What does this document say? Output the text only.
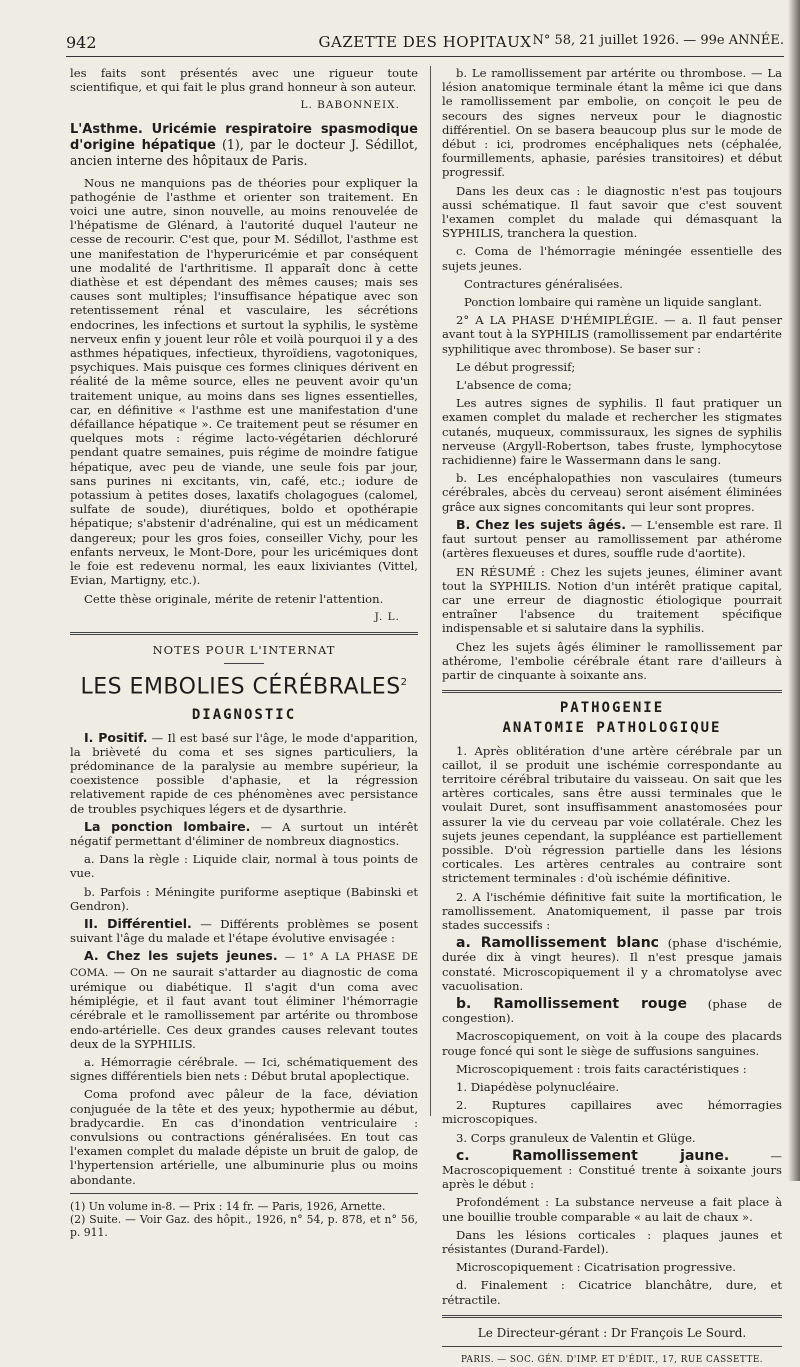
942	GAZETTE DES HOPITAUX N° 58, 21 juillet 1926. — 99e ANNÉE.

les faits sont présentés avec une rigueur toute scientifique, et qui fait le plus grand honneur à son auteur.

L. BABONNEIX.
L'Asthme. Uricémie respiratoire spasmodique d'origine hépatique (1), par le docteur J. Sédillot, ancien interne des hôpitaux de Paris.

Nous ne manquions pas de théories pour expliquer la pathogénie de l'asthme et orienter son traitement. En voici une autre, sinon nouvelle, au moins renouvelée de l'hépatisme de Glénard, à l'autorité duquel l'auteur ne cesse de recourir. C'est que, pour M. Sédillot, l'asthme est une manifestation de l'hyperuricémie et par conséquent une modalité de l'arthritisme. Il apparaît donc à cette diathèse et est dépendant des mêmes causes; mais ses causes sont multiples; l'insuffisance hépatique avec son retentissement rénal et vasculaire, les sécrétions endocrines, les infections et surtout la syphilis, le système nerveux enfin y jouent leur rôle et voilà pourquoi il y a des asthmes hépatiques, infectieux, thyroïdiens, vagotoniques, psychiques. Mais puisque ces formes cliniques dérivent en réalité de la même source, elles ne peuvent avoir qu'un traitement unique, au moins dans ses lignes essentielles, car, en définitive « l'asthme est une manifestation d'une défaillance hépatique ». Ce traitement peut se résumer en quelques mots : régime lacto-végétarien déchloruré pendant quatre semaines, puis régime de moindre fatigue hépatique, avec peu de viande, une seule fois par jour, sans purines ni excitants, vin, café, etc.; iodure de potassium à petites doses, laxatifs cholagogues (calomel, sulfate de soude), diurétiques, boldo et opothérapie hépatique; s'abstenir d'adrénaline, qui est un médicament dangereux; pour les gros foies, conseiller Vichy, pour les enfants nerveux, le Mont-Dore, pour les uricémiques dont le foie est redevenu normal, les eaux lixiviantes (Vittel, Evian, Martigny, etc.).

Cette thèse originale, mérite de retenir l'attention.

J. L.
NOTES POUR L'INTERNAT
LES EMBOLIES CÉRÉBRALES$^2$
DIAGNOSTIC

I. Positif. — Il est basé sur l'âge, le mode d'apparition, la brièveté du coma et ses signes particuliers, la prédominance de la paralysie au membre supérieur, la coexistence possible d'aphasie, et la régression relativement rapide de ces phénomènes avec persistance de troubles psychiques légers et de dysarthrie.

La ponction lombaire. — A surtout un intérêt négatif permettant d'éliminer de nombreux diagnostics.

a. Dans la règle : Liquide clair, normal à tous points de vue.

b. Parfois : Méningite puriforme aseptique (Babinski et Gendron).

II. Différentiel. — Différents problèmes se posent suivant l'âge du malade et l'étape évolutive envisagée :

A. Chez les sujets jeunes. — 1° A LA PHASE DE COMA. — On ne saurait s'attarder au diagnostic de coma urémique ou diabétique. Il s'agit d'un coma avec hémiplégie, et il faut avant tout éliminer l'hémorragie cérébrale et le ramollissement par artérite ou thrombose endo-artérielle. Ces deux grandes causes relevant toutes deux de la SYPHILIS.

a. Hémorragie cérébrale. — Ici, schématiquement des signes différentiels bien nets : Début brutal apoplectique.

Coma profond avec pâleur de la face, déviation conjuguée de la tête et des yeux; hypothermie au début, bradycardie. En cas d'inondation ventriculaire : convulsions ou contractions généralisées. En tout cas l'examen complet du malade dépiste un bruit de galop, de l'hypertension artérielle, une albuminurie plus ou moins abondante.

(1) Un volume in-8. — Prix : 14 fr. — Paris, 1926, Arnette.
(2) Suite. — Voir Gaz. des hôpit., 1926, n° 54, p. 878, et n° 56, p. 911.

b. Le ramollissement par artérite ou thrombose. — La lésion anatomique terminale étant la même ici que dans le ramollissement par embolie, on conçoit le peu de secours des signes nerveux pour le diagnostic différentiel. On se basera beaucoup plus sur le mode de début : ici, prodromes encéphaliques nets (céphalée, fourmillements, aphasie, parésies transitoires) et début progressif.

Dans les deux cas : le diagnostic n'est pas toujours aussi schématique. Il faut savoir que c'est souvent l'examen complet du malade qui démasquant la SYPHILIS, tranchera la question.

c. Coma de l'hémorragie méningée essentielle des sujets jeunes.

Contractures généralisées.

Ponction lombaire qui ramène un liquide sanglant.

2° A LA PHASE D'HÉMIPLÉGIE. — a. Il faut penser avant tout à la SYPHILIS (ramollissement par endartérite syphilitique avec thrombose). Se baser sur :

Le début progressif;

L'absence de coma;

Les autres signes de syphilis. Il faut pratiquer un examen complet du malade et rechercher les stigmates cutanés, muqueux, commissuraux, les signes de syphilis nerveuse (Argyll-Robertson, tabes fruste, lymphocytose rachidienne) faire le Wassermann dans le sang.

b. Les encéphalopathies non vasculaires (tumeurs cérébrales, abcès du cerveau) seront aisément éliminées grâce aux signes concomitants qui leur sont propres.

B. Chez les sujets âgés. — L'ensemble est rare. Il faut surtout penser au ramollissement par athérome (artères flexueuses et dures, souffle rude d'aortite).

EN RÉSUMÉ : Chez les sujets jeunes, éliminer avant tout la SYPHILIS. Notion d'un intérêt pratique capital, car une erreur de diagnostic étiologique pourrait entraîner l'absence du traitement spécifique indispensable et si salutaire dans la syphilis.

Chez les sujets âgés éliminer le ramollissement par athérome, l'embolie cérébrale étant rare d'ailleurs à partir de cinquante à soixante ans.

PATHOGENIE
ANATOMIE PATHOLOGIQUE

1. Après oblitération d'une artère cérébrale par un caillot, il se produit une ischémie correspondante au territoire cérébral tributaire du vaisseau. On sait que les artères corticales, sans être aussi terminales que le voulait Duret, sont insuffisamment anastomosées pour assurer la vie du cerveau par voie collatérale. Chez les sujets jeunes cependant, la suppléance est partiellement possible. D'où régression partielle dans les lésions corticales. Les artères centrales au contraire sont strictement terminales : d'où ischémie définitive.

2. A l'ischémie définitive fait suite la mortification, le ramollissement. Anatomiquement, il passe par trois stades successifs :

a. Ramollissement blanc (phase d'ischémie, durée dix à vingt heures). Il n'est presque jamais constaté. Microscopiquement il y a chromatolyse avec vacuolisation.

b. Ramollissement rouge (phase de congestion).

Macroscopiquement, on voit à la coupe des placards rouge foncé qui sont le siège de suffusions sanguines.

Microscopiquement : trois faits caractéristiques :

1. Diapédèse polynucléaire.

2. Ruptures capillaires avec hémorragies microscopiques.

3. Corps granuleux de Valentin et Glüge.

c. Ramollissement jaune.	— Macroscopiquement : Constitué trente à soixante jours après le début :

Profondément : La substance nerveuse a fait place à une bouillie trouble comparable « au lait de chaux ».

Dans les lésions corticales : plaques jaunes et résistantes (Durand-Fardel).

Microscopiquement : Cicatrisation progressive.

d. Finalement : Cicatrice blanchâtre, dure, et rétractile.

Le Directeur-gérant : Dr François Le Sourd.
PARIS. — SOC. GÉN. D'IMP. ET D'ÉDIT., 17, RUE CASSETTE.
